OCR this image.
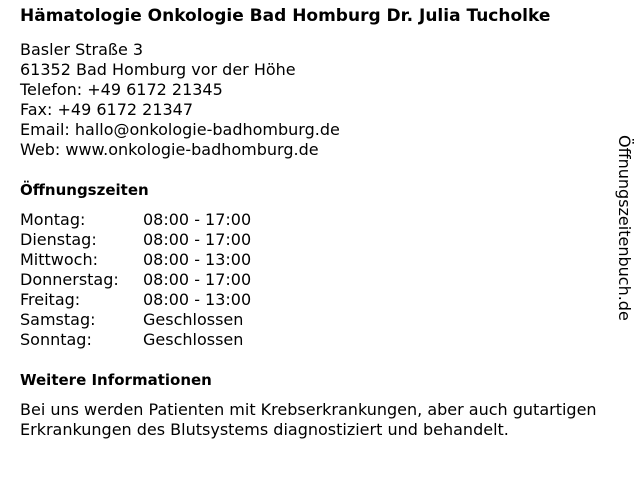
Hämatologie Onkologie Bad Homburg Dr. Julia Tucholke
Basler Straße 3
61352 Bad Homburg vor der Höhe
Telefon: +49 6172 21345
Fax: +49 6172 21347
Email: hallo@onkologie-badhomburg.de
Web: www.onkologie-badhomburg.de
Öffnungszeiten
Montag:	08:00 - 17:00
Dienstag:	08:00 - 17:00
Mittwoch:	08:00 - 13:00
Donnerstag:	08:00 - 17:00
Freitag:	08:00 - 13:00
Samstag:	Geschlossen
Sonntag:	Geschlossen
Weitere Informationen

Bei uns werden Patienten mit Krebserkrankungen, aber auch gutartigen Erkrankungen des Blutsystems diagnostiziert und behandelt.

Öffnungszeitenbuch.de
